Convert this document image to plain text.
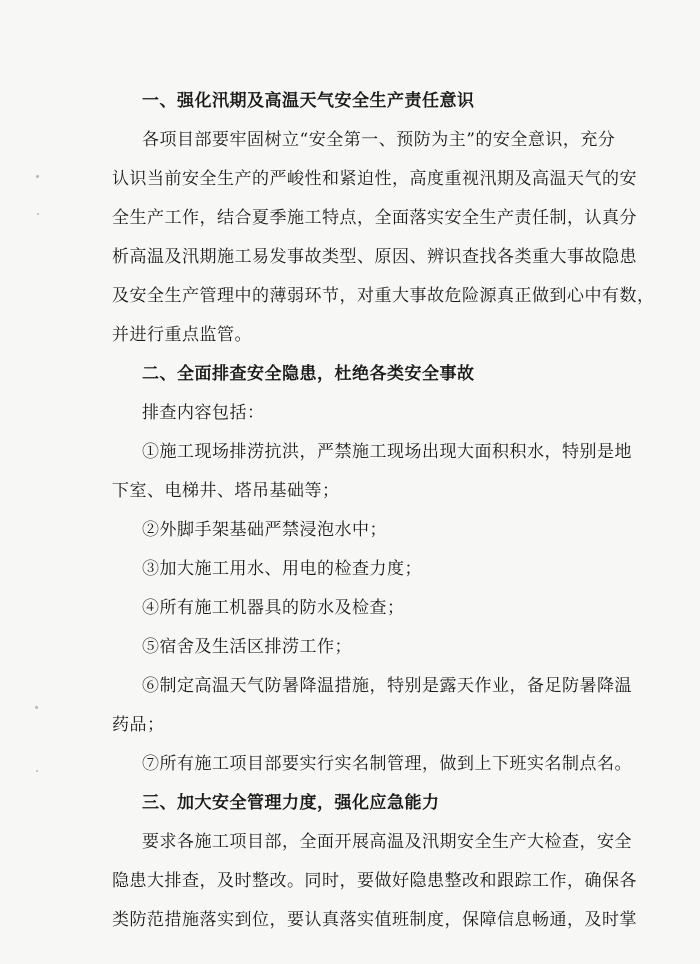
一、强化汛期及高温天气安全生产责任意识
各项目部要牢固树立“安全第一、预防为主”的安全意识，充分
认识当前安全生产的严峻性和紧迫性，高度重视汛期及高温天气的安
全生产工作，结合夏季施工特点，全面落实安全生产责任制，认真分
析高温及汛期施工易发事故类型、原因、辨识查找各类重大事故隐患
及安全生产管理中的薄弱环节，对重大事故危险源真正做到心中有数，
并进行重点监管。
二、全面排查安全隐患，杜绝各类安全事故
排查内容包括：
①施工现场排涝抗洪，严禁施工现场出现大面积积水，特别是地
下室、电梯井、塔吊基础等；
②外脚手架基础严禁浸泡水中；
③加大施工用水、用电的检查力度；
④所有施工机器具的防水及检查；
⑤宿舍及生活区排涝工作；
⑥制定高温天气防暑降温措施，特别是露天作业，备足防暑降温
药品；
⑦所有施工项目部要实行实名制管理，做到上下班实名制点名。
三、加大安全管理力度，强化应急能力
要求各施工项目部，全面开展高温及汛期安全生产大检查，安全
隐患大排查，及时整改。同时，要做好隐患整改和跟踪工作，确保各
类防范措施落实到位，要认真落实值班制度，保障信息畅通，及时掌
